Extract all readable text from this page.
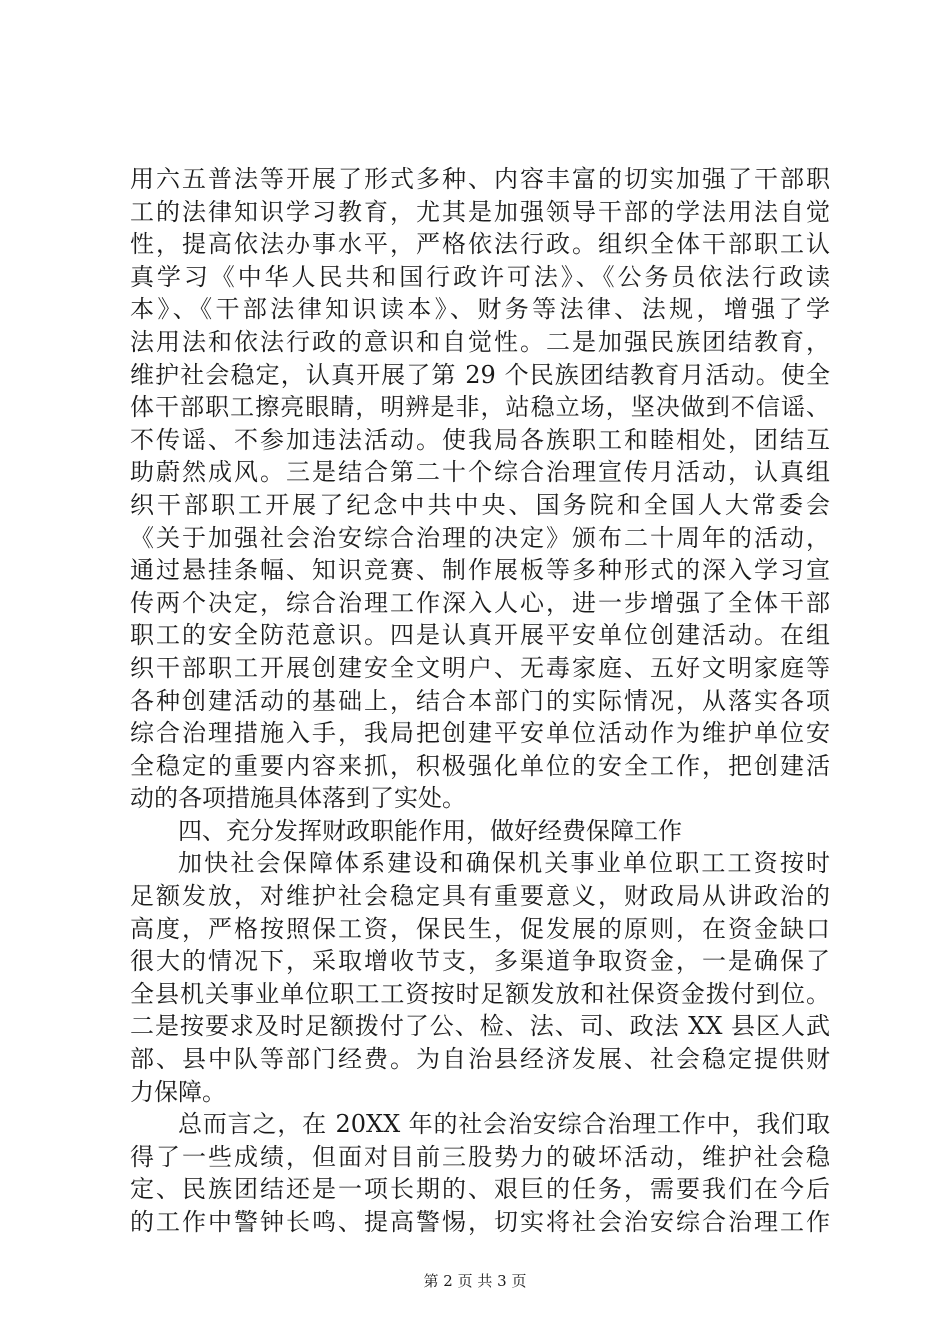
用六五普法等开展了形式多种、内容丰富的切实加强了干部职
工的法律知识学习教育，尤其是加强领导干部的学法用法自觉
性，提高依法办事水平，严格依法行政。组织全体干部职工认
真学习《中华人民共和国行政许可法》、《公务员依法行政读
本》、《干部法律知识读本》、财务等法律、法规，增强了学
法用法和依法行政的意识和自觉性。二是加强民族团结教育，
维护社会稳定，认真开展了第 29 个民族团结教育月活动。使全
体干部职工擦亮眼睛，明辨是非，站稳立场，坚决做到不信谣、
不传谣、不参加违法活动。使我局各族职工和睦相处，团结互
助蔚然成风。三是结合第二十个综合治理宣传月活动，认真组
织干部职工开展了纪念中共中央、国务院和全国人大常委会
《关于加强社会治安综合治理的决定》颁布二十周年的活动，
通过悬挂条幅、知识竞赛、制作展板等多种形式的深入学习宣
传两个决定，综合治理工作深入人心，进一步增强了全体干部
职工的安全防范意识。四是认真开展平安单位创建活动。在组
织干部职工开展创建安全文明户、无毒家庭、五好文明家庭等
各种创建活动的基础上，结合本部门的实际情况，从落实各项
综合治理措施入手，我局把创建平安单位活动作为维护单位安
全稳定的重要内容来抓，积极强化单位的安全工作，把创建活
动的各项措施具体落到了实处。
四、充分发挥财政职能作用，做好经费保障工作
加快社会保障体系建设和确保机关事业单位职工工资按时
足额发放，对维护社会稳定具有重要意义，财政局从讲政治的
高度，严格按照保工资，保民生，促发展的原则，在资金缺口
很大的情况下，采取增收节支，多渠道争取资金，一是确保了
全县机关事业单位职工工资按时足额发放和社保资金拨付到位。
二是按要求及时足额拨付了公、检、法、司、政法 XX 县区人武
部、县中队等部门经费。为自治县经济发展、社会稳定提供财
力保障。
总而言之，在 20XX 年的社会治安综合治理工作中，我们取
得了一些成绩，但面对目前三股势力的破坏活动，维护社会稳
定、民族团结还是一项长期的、艰巨的任务，需要我们在今后
的工作中警钟长鸣、提高警惕，切实将社会治安综合治理工作
第 2 页 共 3 页
